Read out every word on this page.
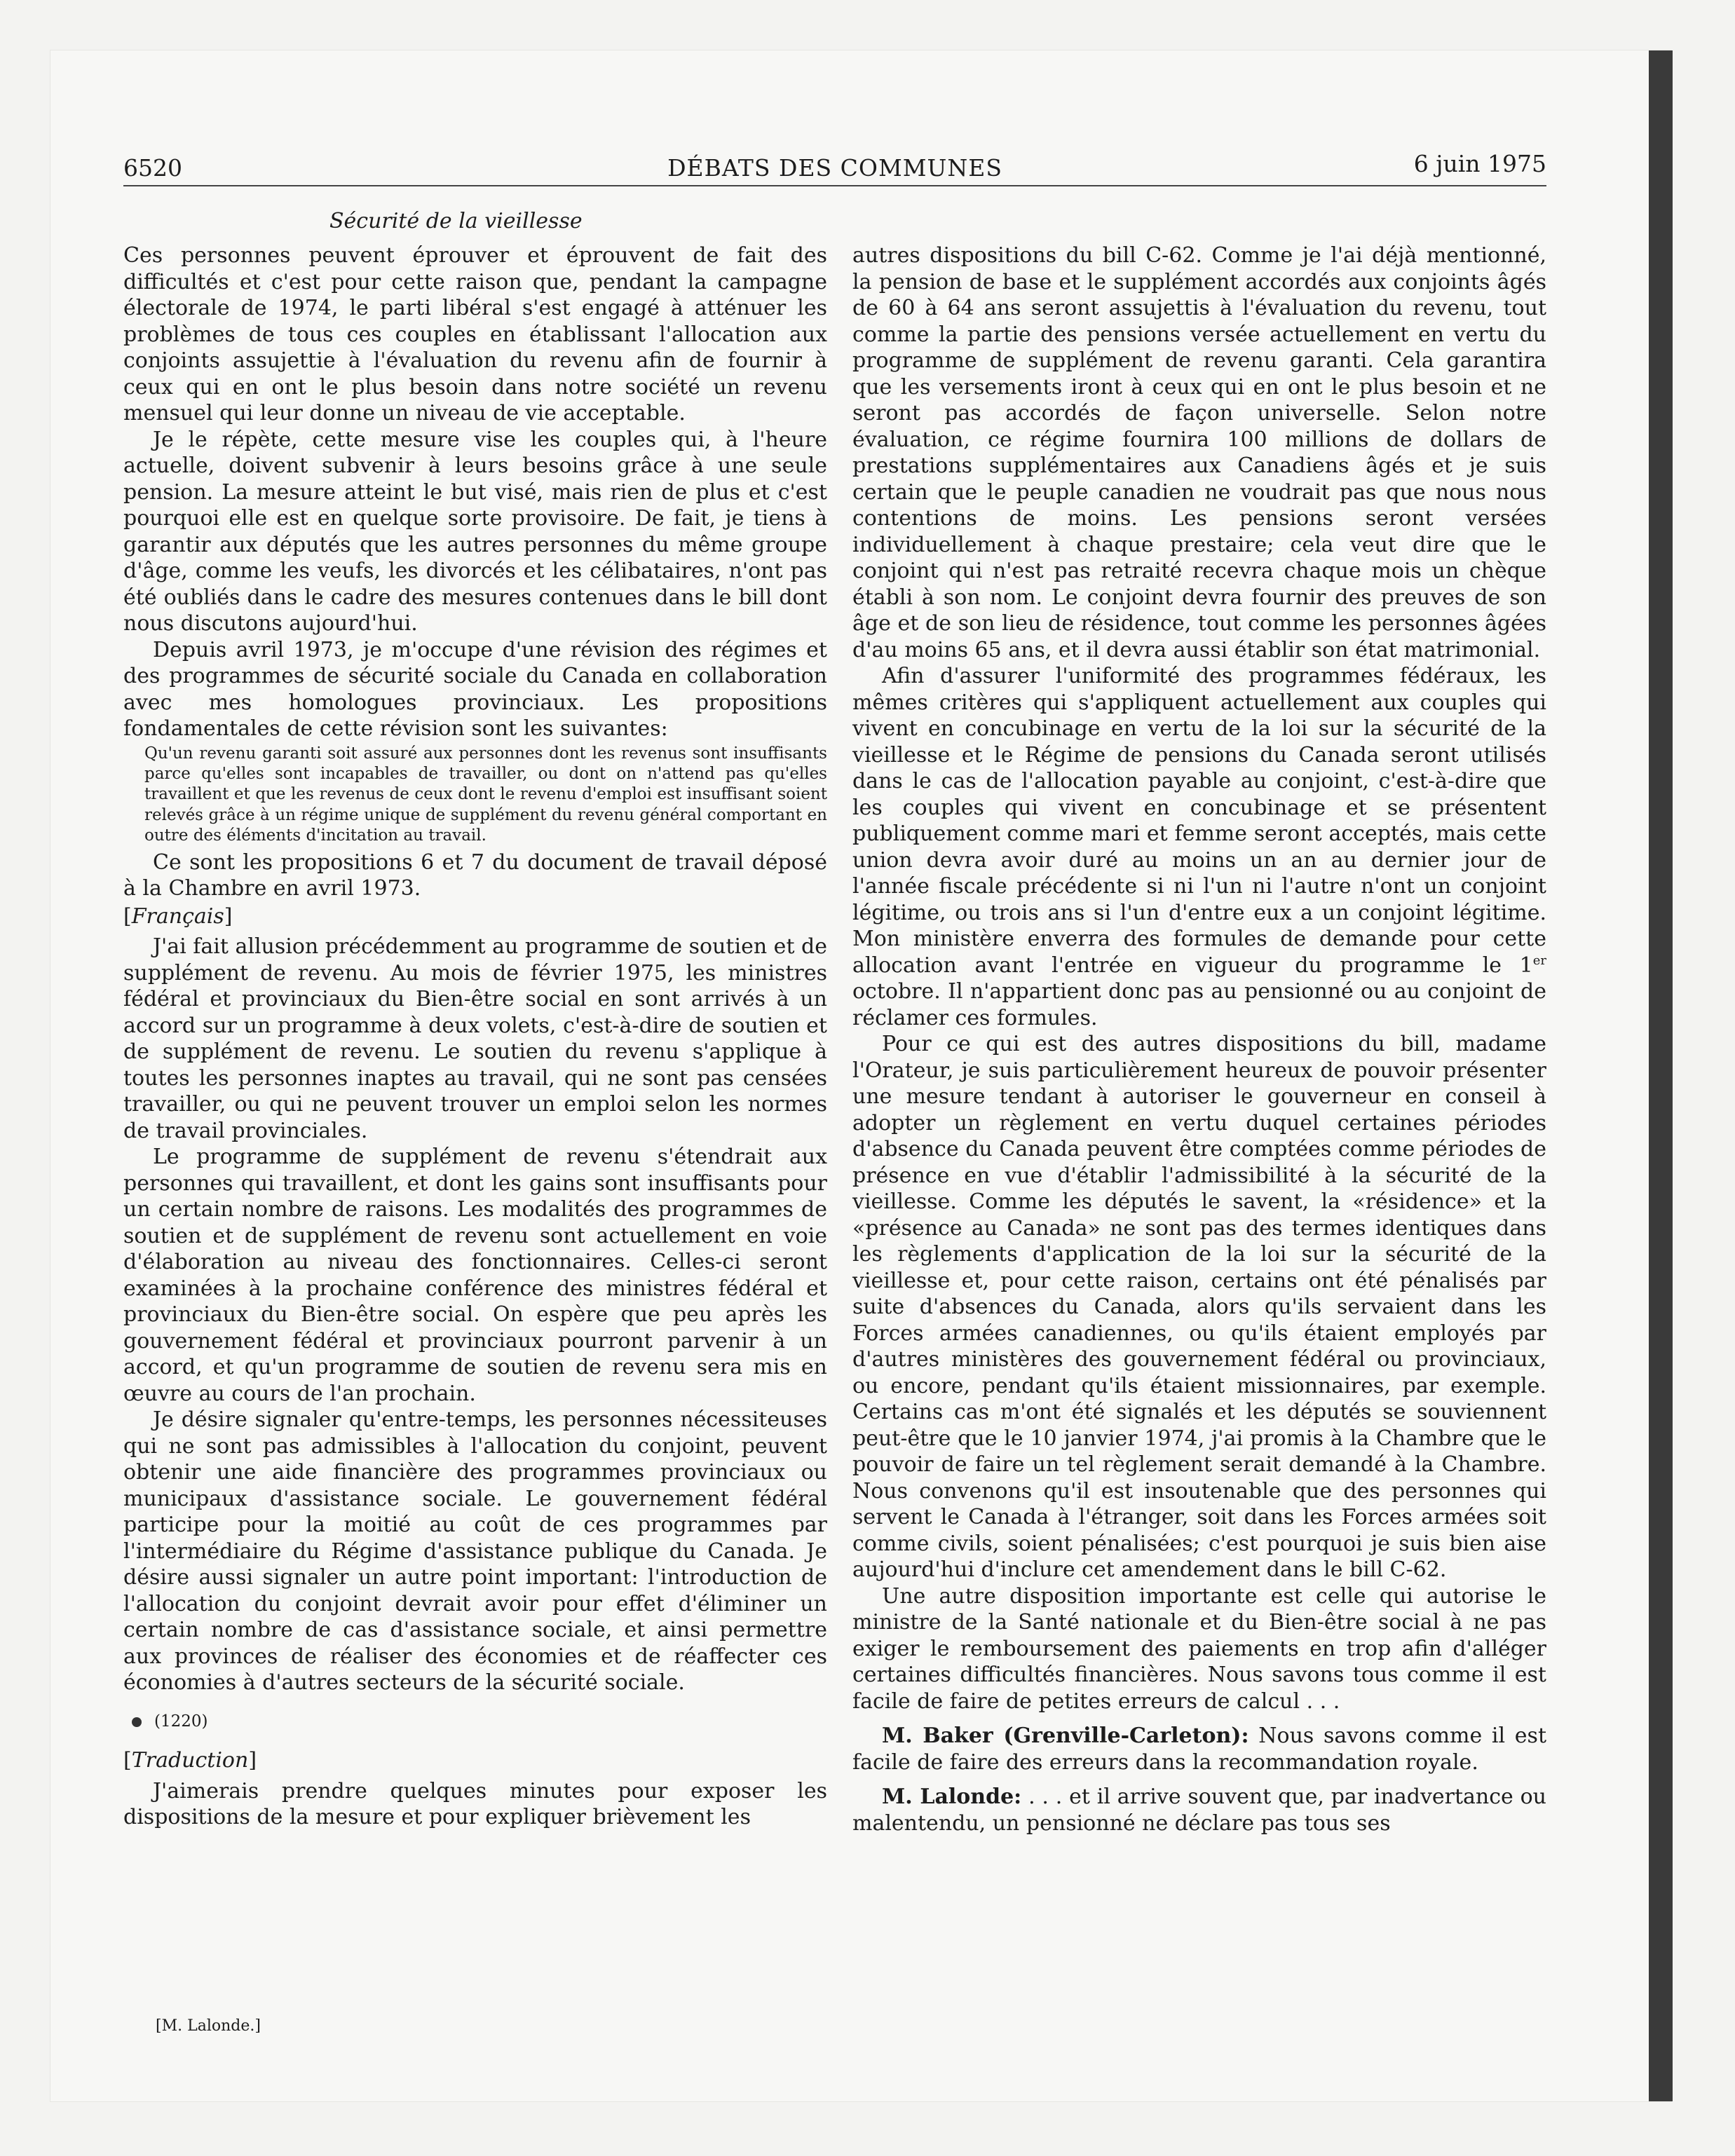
6520	DÉBATS DES COMMUNES	6 juin 1975
Sécurité de la vieillesse

Ces personnes peuvent éprouver et éprouvent de fait des difficultés et c'est pour cette raison que, pendant la campagne électorale de 1974, le parti libéral s'est engagé à atténuer les problèmes de tous ces couples en établissant l'allocation aux conjoints assujettie à l'évaluation du revenu afin de fournir à ceux qui en ont le plus besoin dans notre société un revenu mensuel qui leur donne un niveau de vie acceptable.

Je le répète, cette mesure vise les couples qui, à l'heure actuelle, doivent subvenir à leurs besoins grâce à une seule pension. La mesure atteint le but visé, mais rien de plus et c'est pourquoi elle est en quelque sorte provisoire. De fait, je tiens à garantir aux députés que les autres personnes du même groupe d'âge, comme les veufs, les divorcés et les célibataires, n'ont pas été oubliés dans le cadre des mesures contenues dans le bill dont nous discutons aujourd'hui.

Depuis avril 1973, je m'occupe d'une révision des régimes et des programmes de sécurité sociale du Canada en collaboration avec mes homologues provinciaux. Les propositions fondamentales de cette révision sont les suivantes:

Qu'un revenu garanti soit assuré aux personnes dont les revenus sont insuffisants parce qu'elles sont incapables de travailler, ou dont on n'attend pas qu'elles travaillent et que les revenus de ceux dont le revenu d'emploi est insuffisant soient relevés grâce à un régime unique de supplément du revenu général comportant en outre des éléments d'incitation au travail.

Ce sont les propositions 6 et 7 du document de travail déposé à la Chambre en avril 1973.

[Français]

J'ai fait allusion précédemment au programme de soutien et de supplément de revenu. Au mois de février 1975, les ministres fédéral et provinciaux du Bien-être social en sont arrivés à un accord sur un programme à deux volets, c'est-à-dire de soutien et de supplément de revenu. Le soutien du revenu s'applique à toutes les personnes inaptes au travail, qui ne sont pas censées travailler, ou qui ne peuvent trouver un emploi selon les normes de travail provinciales.

Le programme de supplément de revenu s'étendrait aux personnes qui travaillent, et dont les gains sont insuffisants pour un certain nombre de raisons. Les modalités des programmes de soutien et de supplément de revenu sont actuellement en voie d'élaboration au niveau des fonctionnaires. Celles-ci seront examinées à la prochaine conférence des ministres fédéral et provinciaux du Bien-être social. On espère que peu après les gouvernement fédéral et provinciaux pourront parvenir à un accord, et qu'un programme de soutien de revenu sera mis en œuvre au cours de l'an prochain.

Je désire signaler qu'entre-temps, les personnes nécessiteuses qui ne sont pas admissibles à l'allocation du conjoint, peuvent obtenir une aide financière des programmes provinciaux ou municipaux d'assistance sociale. Le gouvernement fédéral participe pour la moitié au coût de ces programmes par l'intermédiaire du Régime d'assistance publique du Canada. Je désire aussi signaler un autre point important: l'introduction de l'allocation du conjoint devrait avoir pour effet d'éliminer un certain nombre de cas d'assistance sociale, et ainsi permettre aux provinces de réaliser des économies et de réaffecter ces économies à d'autres secteurs de la sécurité sociale.

(1220)
[Traduction]

J'aimerais prendre quelques minutes pour exposer les dispositions de la mesure et pour expliquer brièvement les

[M. Lalonde.]

autres dispositions du bill C-62. Comme je l'ai déjà mentionné, la pension de base et le supplément accordés aux conjoints âgés de 60 à 64 ans seront assujettis à l'évaluation du revenu, tout comme la partie des pensions versée actuellement en vertu du programme de supplément de revenu garanti. Cela garantira que les versements iront à ceux qui en ont le plus besoin et ne seront pas accordés de façon universelle. Selon notre évaluation, ce régime fournira 100 millions de dollars de prestations supplémentaires aux Canadiens âgés et je suis certain que le peuple canadien ne voudrait pas que nous nous contentions de moins. Les pensions seront versées individuellement à chaque prestaire; cela veut dire que le conjoint qui n'est pas retraité recevra chaque mois un chèque établi à son nom. Le conjoint devra fournir des preuves de son âge et de son lieu de résidence, tout comme les personnes âgées d'au moins 65 ans, et il devra aussi établir son état matrimonial.

Afin d'assurer l'uniformité des programmes fédéraux, les mêmes critères qui s'appliquent actuellement aux couples qui vivent en concubinage en vertu de la loi sur la sécurité de la vieillesse et le Régime de pensions du Canada seront utilisés dans le cas de l'allocation payable au conjoint, c'est-à-dire que les couples qui vivent en concubinage et se présentent publiquement comme mari et femme seront acceptés, mais cette union devra avoir duré au moins un an au dernier jour de l'année fiscale précédente si ni l'un ni l'autre n'ont un conjoint légitime, ou trois ans si l'un d'entre eux a un conjoint légitime. Mon ministère enverra des formules de demande pour cette allocation avant l'entrée en vigueur du programme le 1er octobre. Il n'appartient donc pas au pensionné ou au conjoint de réclamer ces formules.

Pour ce qui est des autres dispositions du bill, madame l'Orateur, je suis particulièrement heureux de pouvoir présenter une mesure tendant à autoriser le gouverneur en conseil à adopter un règlement en vertu duquel certaines périodes d'absence du Canada peuvent être comptées comme périodes de présence en vue d'établir l'admissibilité à la sécurité de la vieillesse. Comme les députés le savent, la «résidence» et la «présence au Canada» ne sont pas des termes identiques dans les règlements d'application de la loi sur la sécurité de la vieillesse et, pour cette raison, certains ont été pénalisés par suite d'absences du Canada, alors qu'ils servaient dans les Forces armées canadiennes, ou qu'ils étaient employés par d'autres ministères des gouvernement fédéral ou provinciaux, ou encore, pendant qu'ils étaient missionnaires, par exemple. Certains cas m'ont été signalés et les députés se souviennent peut-être que le 10 janvier 1974, j'ai promis à la Chambre que le pouvoir de faire un tel règlement serait demandé à la Chambre. Nous convenons qu'il est insoutenable que des personnes qui servent le Canada à l'étranger, soit dans les Forces armées soit comme civils, soient pénalisées; c'est pourquoi je suis bien aise aujourd'hui d'inclure cet amendement dans le bill C-62.

Une autre disposition importante est celle qui autorise le ministre de la Santé nationale et du Bien-être social à ne pas exiger le remboursement des paiements en trop afin d'alléger certaines difficultés financières. Nous savons tous comme il est facile de faire de petites erreurs de calcul . . .

M. Baker (Grenville-Carleton): Nous savons comme il est facile de faire des erreurs dans la recommandation royale.

M. Lalonde: . . . et il arrive souvent que, par inadvertance ou malentendu, un pensionné ne déclare pas tous ses
